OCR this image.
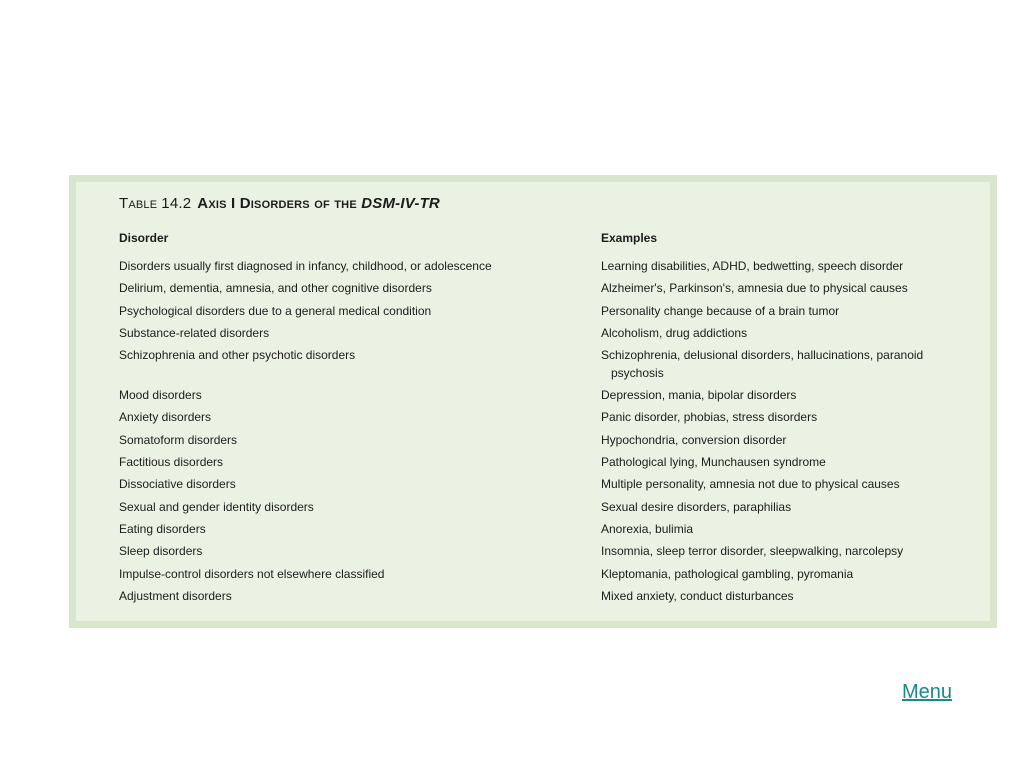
Table 14.2 Axis I Disorders of the DSM-IV-TR
Disorder	Examples
Disorders usually first diagnosed in infancy, childhood, or adolescence	Learning disabilities, ADHD, bedwetting, speech disorder
Delirium, dementia, amnesia, and other cognitive disorders	Alzheimer's, Parkinson's, amnesia due to physical causes
Psychological disorders due to a general medical condition	Personality change because of a brain tumor
Substance-related disorders	Alcoholism, drug addictions
Schizophrenia and other psychotic disorders	Schizophrenia, delusional disorders, hallucinations, paranoid
psychosis
Mood disorders	Depression, mania, bipolar disorders
Anxiety disorders	Panic disorder, phobias, stress disorders
Somatoform disorders	Hypochondria, conversion disorder
Factitious disorders	Pathological lying, Munchausen syndrome
Dissociative disorders	Multiple personality, amnesia not due to physical causes
Sexual and gender identity disorders	Sexual desire disorders, paraphilias
Eating disorders	Anorexia, bulimia
Sleep disorders	Insomnia, sleep terror disorder, sleepwalking, narcolepsy
Impulse-control disorders not elsewhere classified	Kleptomania, pathological gambling, pyromania
Adjustment disorders	Mixed anxiety, conduct disturbances
Menu
